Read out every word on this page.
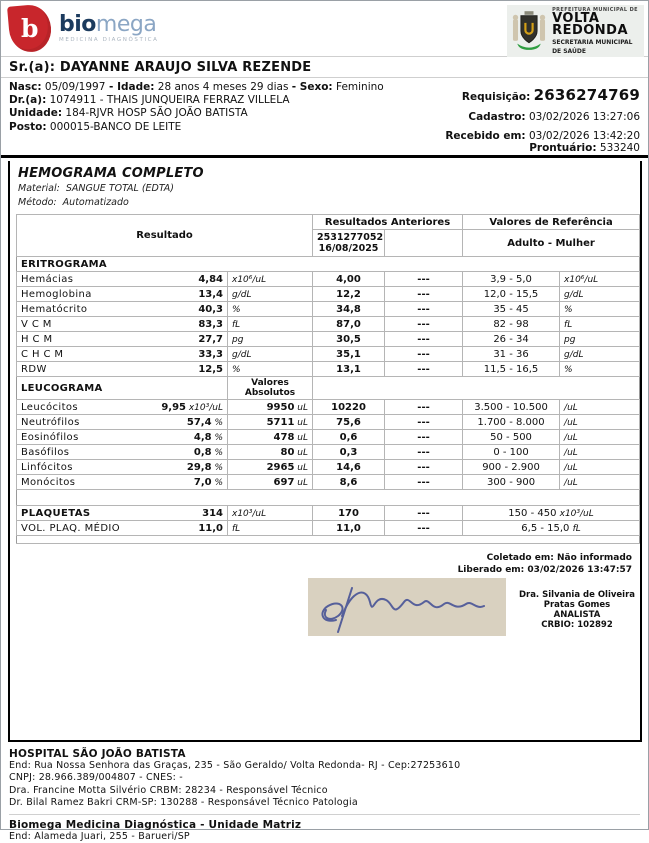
b biomega
MEDICINA DIAGNÓSTICA
PREFEITURA MUNICIPAL DE
VOLTA
REDONDA
SECRETARIA MUNICIPAL
DE SAÚDE
Sr.(a): DAYANNE ARAUJO SILVA REZENDE
Nasc: 05/09/1997 - Idade: 28 anos 4 meses 29 dias - Sexo: Feminino
Dr.(a): 1074911 - THAIS JUNQUEIRA FERRAZ VILLELA
Unidade: 184-RJVR HOSP SÃO JOÃO BATISTA
Posto: 000015-BANCO DE LEITE
Requisição: 2636274769
Cadastro: 03/02/2026 13:27:06
Recebido em: 03/02/2026 13:42:20
Prontuário: 533240
HEMOGRAMA COMPLETO
Material: SANGUE TOTAL (EDTA)
Método: Automatizado
Resultado		Resultados Anteriores		Valores de Referência	

		2531277052
16/08/2025		Adulto - Mulher	
ERITROGRAMA					

Hemácias 4,84	x10⁶/uL	4,00	---	3,9 - 5,0	x10⁶/uL

Hemoglobina 13,4	g/dL	12,2	---	12,0 - 15,5	g/dL

Hematócrito 40,3	%	34,8	---	35 - 45	%

V C M 83,3	fL	87,0	---	82 - 98	fL

H C M 27,7	pg	30,5	---	26 - 34	pg

C H C M 33,3	g/dL	35,1	---	31 - 36	g/dL

RDW 12,5	%	13,1	---	11,5 - 16,5	%
LEUCOGRAMA	Valores
Absolutos				

Leucócitos 9,95 x10³/uL	9950 uL	10220	---	3.500 - 10.500	/uL

Neutrófilos 57,4 %	5711 uL	75,6	---	1.700 - 8.000	/uL

Eosinófilos 4,8 %	478 uL	0,6	---	50 - 500	/uL

Basófilos 0,8 %	80 uL	0,3	---	0 - 100	/uL

Linfócitos 29,8 %	2965 uL	14,6	---	900 - 2.900	/uL

Monócitos 7,0 %	697 uL	8,6	---	300 - 900	/uL

PLAQUETAS 314	x10³/uL	170	---	150 - 450 x10³/uL	

VOL. PLAQ. MÉDIO 11,0	fL	11,0	---	6,5 - 15,0 fL	

Coletado em: Não informado
Liberado em: 03/02/2026 13:47:57
Dra. Silvania de Oliveira Pratas Gomes
ANALISTA
CRBIO: 102892
HOSPITAL SÃO JOÃO BATISTA
End: Rua Nossa Senhora das Graças, 235 - São Geraldo/ Volta Redonda- RJ - Cep:27253610
CNPJ: 28.966.389/004807 - CNES: -
Dra. Francine Motta Silvério CRBM: 28234 - Responsável Técnico
Dr. Bilal Ramez Bakri CRM-SP: 130288 - Responsável Técnico Patologia
Biomega Medicina Diagnóstica - Unidade Matriz
End: Alameda Juari, 255 - Barueri/SP
